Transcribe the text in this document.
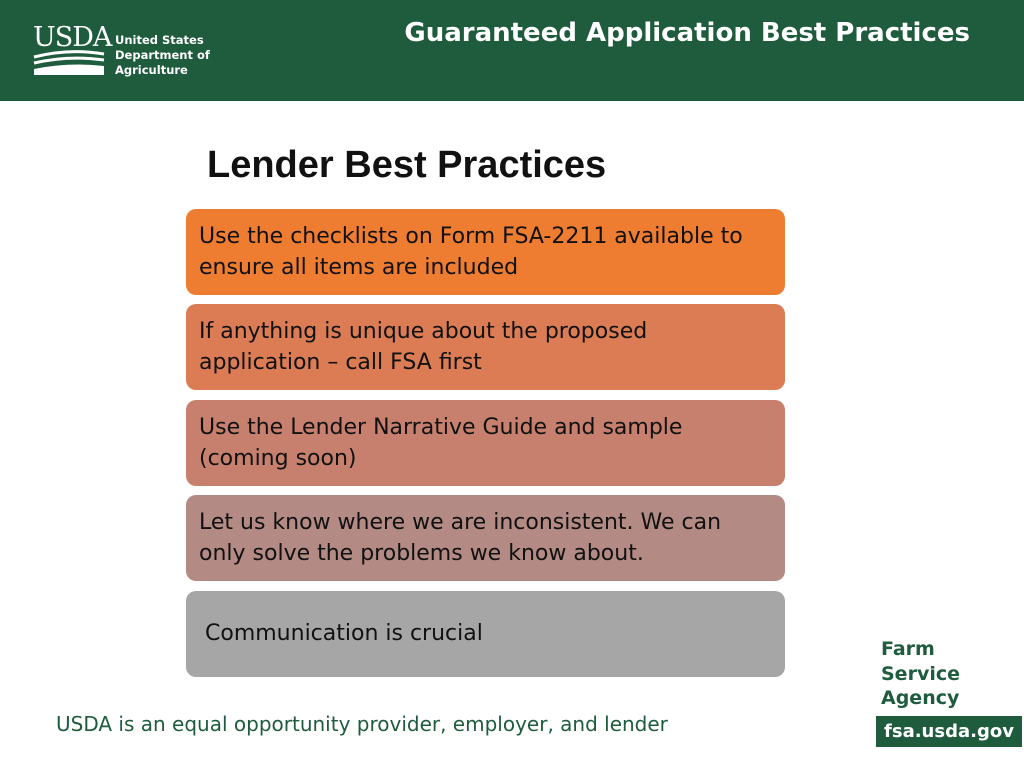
USDA United States
Department of
Agriculture
Guaranteed Application Best Practices
Lender Best Practices
Use the checklists on Form FSA-2211 available to
ensure all items are included
If anything is unique about the proposed
application – call FSA first
Use the Lender Narrative Guide and sample
(coming soon)
Let us know where we are inconsistent. We can
only solve the problems we know about.
Communication is crucial
USDA is an equal opportunity provider, employer, and lender
Farm
Service
Agency
fsa.usda.gov
